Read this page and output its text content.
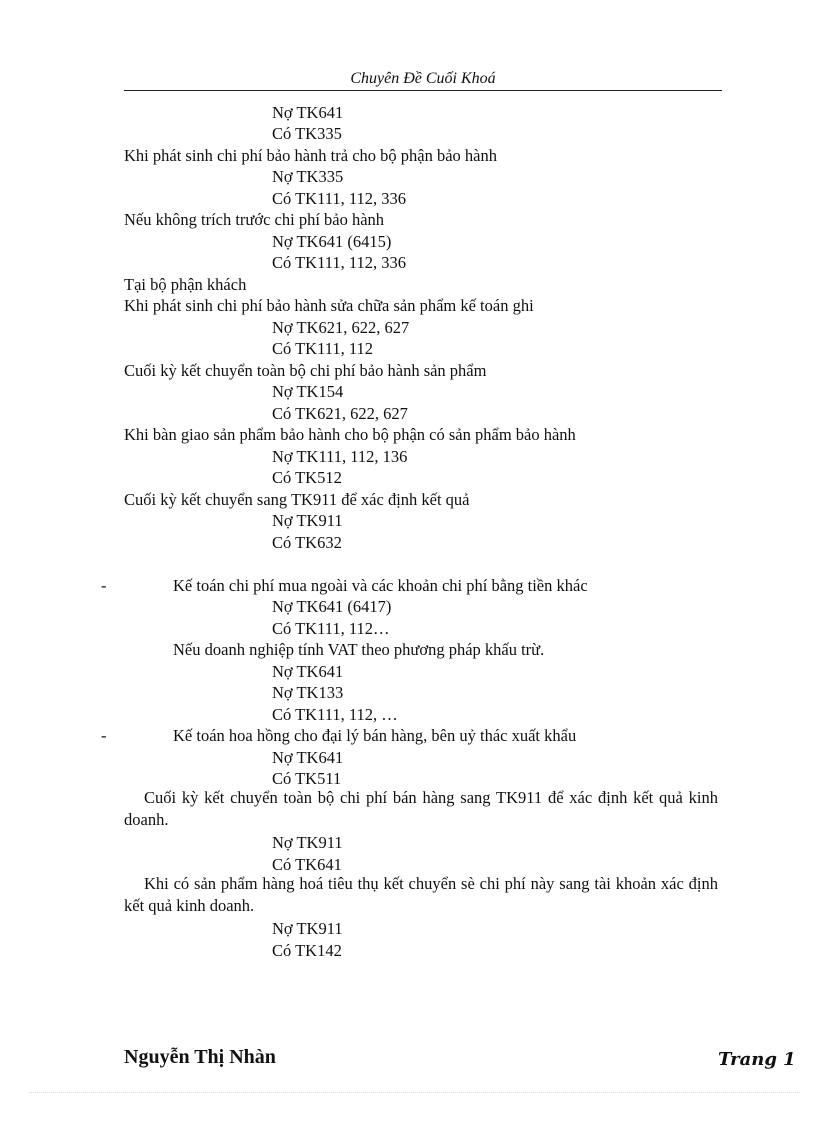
Chuyên Đề Cuối Khoá
Nợ TK641
Có TK335
Khi phát sinh chi phí bảo hành trả cho bộ phận bảo hành
Nợ TK335
Có TK111, 112, 336
Nếu không trích trước chi phí bảo hành
Nợ TK641 (6415)
Có TK111, 112, 336
Tại bộ phận khách
Khi phát sinh chi phí bảo hành sửa chữa sản phẩm kế toán ghi
Nợ TK621, 622, 627
Có TK111, 112
Cuối kỳ kết chuyển toàn bộ chi phí bảo hành sản phẩm
Nợ TK154
Có TK621, 622, 627
Khi bàn giao sản phẩm bảo hành cho bộ phận có sản phẩm bảo hành
Nợ TK111, 112, 136
Có TK512
Cuối kỳ kết chuyển sang TK911 để xác định kết quả
Nợ TK911
Có TK632
-	Kế toán chi phí mua ngoài và các khoản chi phí bằng tiền khác
Nợ TK641 (6417)
Có TK111, 112…
Nếu doanh nghiệp tính VAT theo phương pháp khấu trừ.
Nợ TK641
Nợ TK133
Có TK111, 112, …
-	Kế toán hoa hồng cho đại lý bán hàng, bên uỷ thác xuất khẩu
Nợ TK641
Có TK511
Cuối kỳ kết chuyển toàn bộ chi phí bán hàng sang TK911 để xác định kết quả kinh doanh.
Nợ TK911
Có TK641
Khi có sản phẩm hàng hoá tiêu thụ kết chuyển sè chi phí này sang tài khoản xác định kết quả kinh doanh.
Nợ TK911
Có TK142
Nguyễn Thị Nhàn	Trang 1
